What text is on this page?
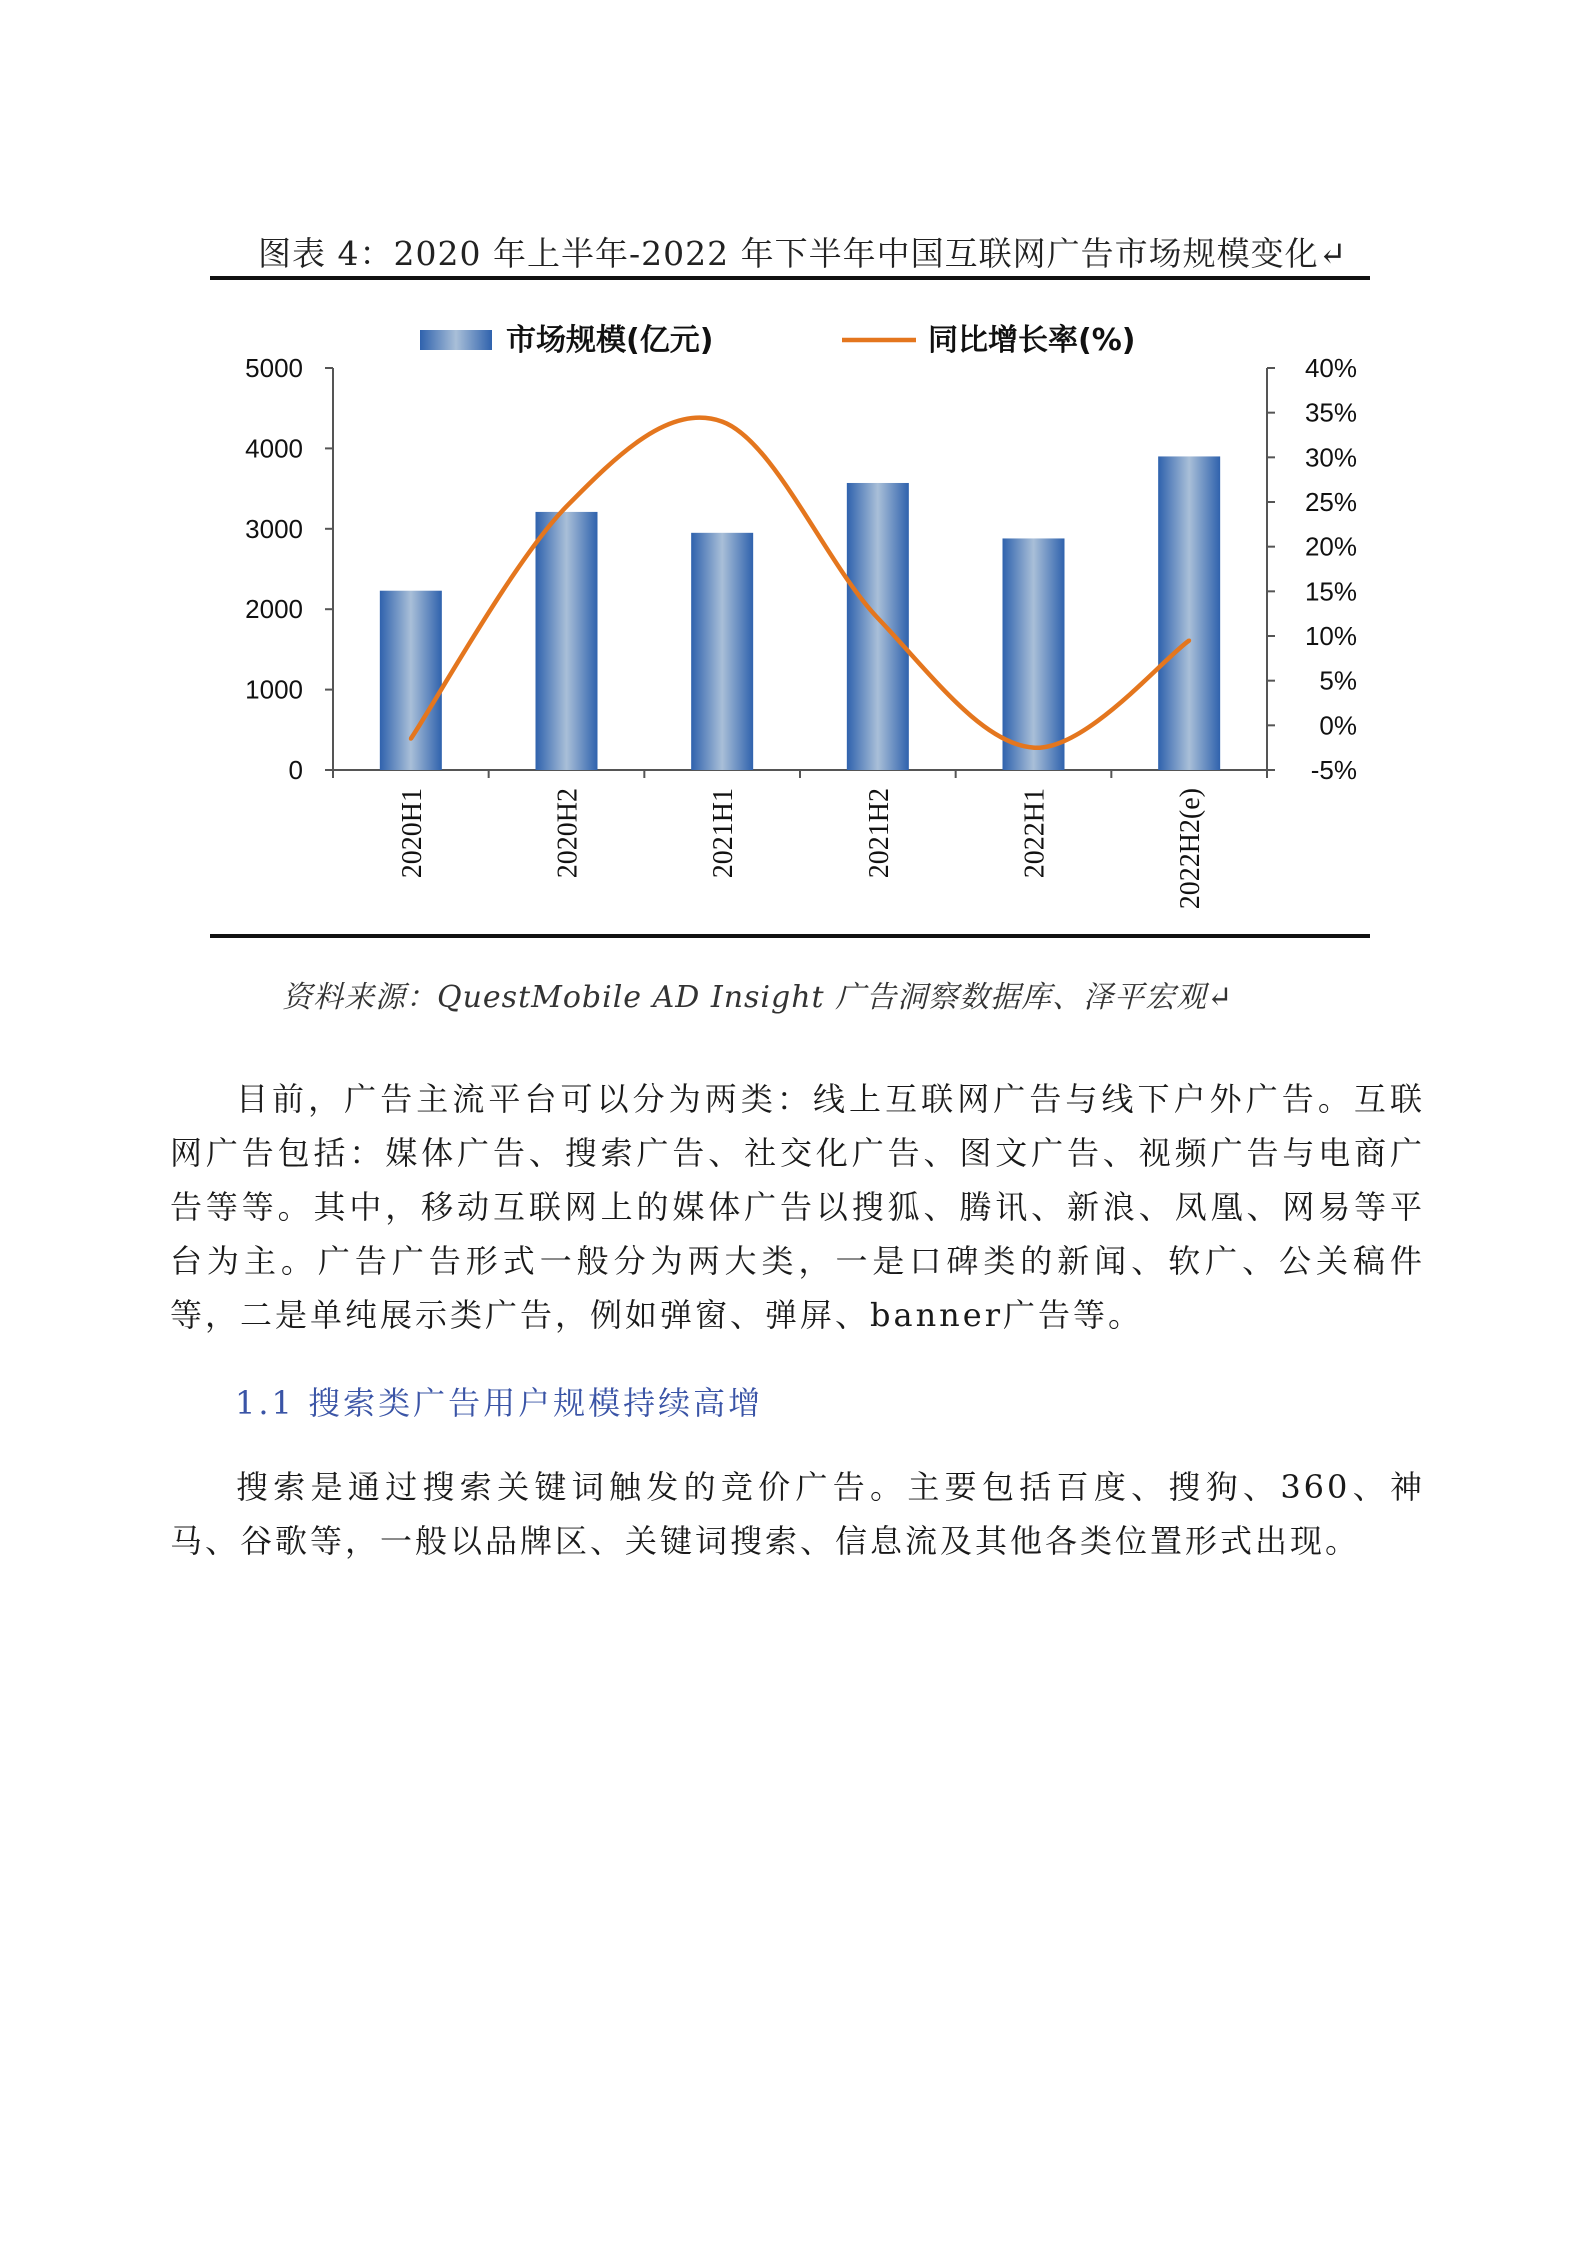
图表 4：2020 年上半年-2022 年下半年中国互联网广告市场规模变化↵
市场规模(亿元)	同比增长率(%)
0
1000
2000
3000
4000
5000
-5%
0%
5%
10%
15%
20%
25%
30%
35%
40%
2020H1	2020H2	2021H1	2021H2	2022H1	2022H2(e)
资料来源：QuestMobile AD Insight 广告洞察数据库、泽平宏观↵

目前，广告主流平台可以分为两类：线上互联网广告与线下户外广告。互联网广告包括：媒体广告、搜索广告、社交化广告、图文广告、视频广告与电商广告等等。其中，移动互联网上的媒体广告以搜狐、腾讯、新浪、凤凰、网易等平台为主。广告广告形式一般分为两大类，一是口碑类的新闻、软广、公关稿件等，二是单纯展示类广告，例如弹窗、弹屏、banner广告等。

1.1 搜索类广告用户规模持续高增

搜索是通过搜索关键词触发的竞价广告。主要包括百度、搜狗、360、神马、谷歌等，一般以品牌区、关键词搜索、信息流及其他各类位置形式出现。
